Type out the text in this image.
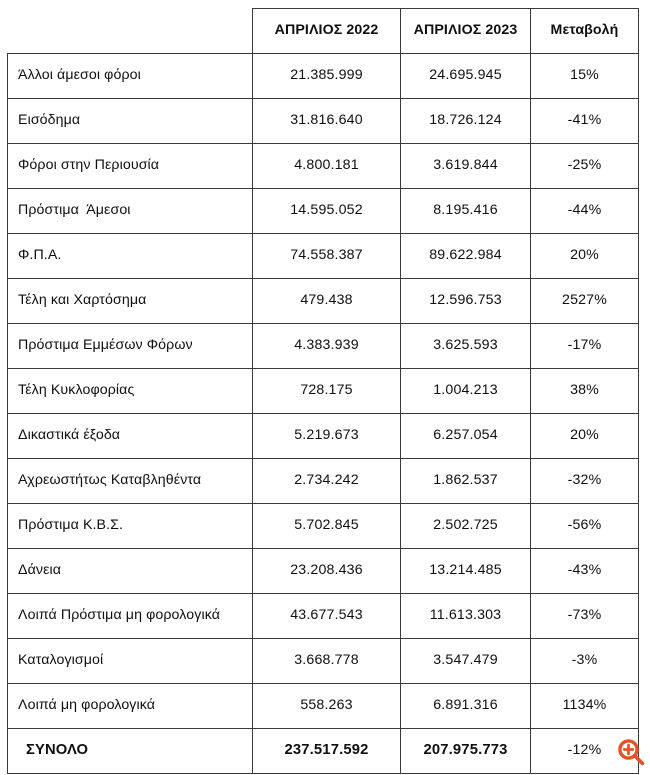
	ΑΠΡΙΛΙΟΣ 2022	ΑΠΡΙΛΙΟΣ 2023	Μεταβολή
Άλλοι άμεσοι φόροι	21.385.999	24.695.945	15%
Εισόδημα	31.816.640	18.726.124	-41%
Φόροι στην Περιουσία	4.800.181	3.619.844	-25%
Πρόστιμα  Άμεσοι	14.595.052	8.195.416	-44%
Φ.Π.Α.	74.558.387	89.622.984	20%
Τέλη και Χαρτόσημα	479.438	12.596.753	2527%
Πρόστιμα Εμμέσων Φόρων	4.383.939	3.625.593	-17%
Τέλη Κυκλοφορίας	728.175	1.004.213	38%
Δικαστικά έξοδα	5.219.673	6.257.054	20%
Αχρεωστήτως Καταβληθέντα	2.734.242	1.862.537	-32%
Πρόστιμα Κ.Β.Σ.	5.702.845	2.502.725	-56%
Δάνεια	23.208.436	13.214.485	-43%
Λοιπά Πρόστιμα μη φορολογικά	43.677.543	11.613.303	-73%
Καταλογισμοί	3.668.778	3.547.479	-3%
Λοιπά μη φορολογικά	558.263	6.891.316	1134%
ΣΥΝΟΛΟ	237.517.592	207.975.773	-12%
